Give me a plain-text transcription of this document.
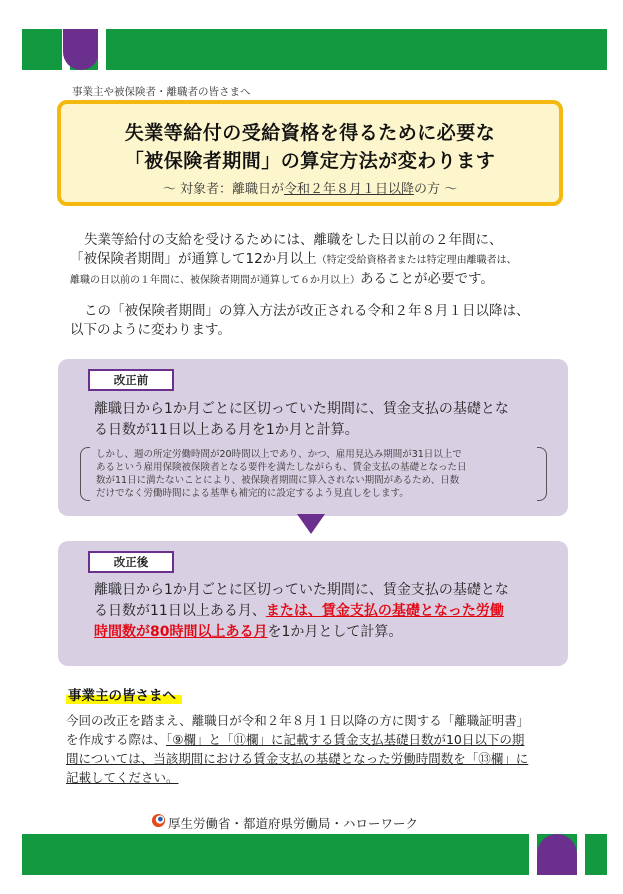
事業主や被保険者・離職者の皆さまへ
失業等給付の受給資格を得るために必要な
「被保険者期間」の算定方法が変わります
～ 対象者：離職日が令和２年８月１日以降の方 ～
失業等給付の支給を受けるためには、離職をした日以前の２年間に、
「被保険者期間」が通算して12か月以上（特定受給資格者または特定理由離職者は、
離職の日以前の１年間に、被保険者期間が通算して６か月以上）あることが必要です。
この「被保険者期間」の算入方法が改正される令和２年８月１日以降は、
以下のように変わります。
改正前
離職日から1か月ごとに区切っていた期間に、賃金支払の基礎とな
る日数が11日以上ある月を1か月と計算。
しかし、週の所定労働時間が20時間以上であり、かつ、雇用見込み期間が31日以上で
あるという雇用保険被保険者となる要件を満たしながらも、賃金支払の基礎となった日
数が11日に満たないことにより、被保険者期間に算入されない期間があるため、日数
だけでなく労働時間による基準も補完的に設定するよう見直しをします。
改正後
離職日から1か月ごとに区切っていた期間に、賃金支払の基礎とな
る日数が11日以上ある月、または、賃金支払の基礎となった労働
時間数が80時間以上ある月を1か月として計算。
事業主の皆さまへ
今回の改正を踏まえ、離職日が令和２年８月１日以降の方に関する「離職証明書」
を作成する際は、「⑨欄」と「⑪欄」に記載する賃金支払基礎日数が10日以下の期
間については、当該期間における賃金支払の基礎となった労働時間数を「⑬欄」に
記載してください。
厚生労働省・都道府県労働局・ハローワーク
